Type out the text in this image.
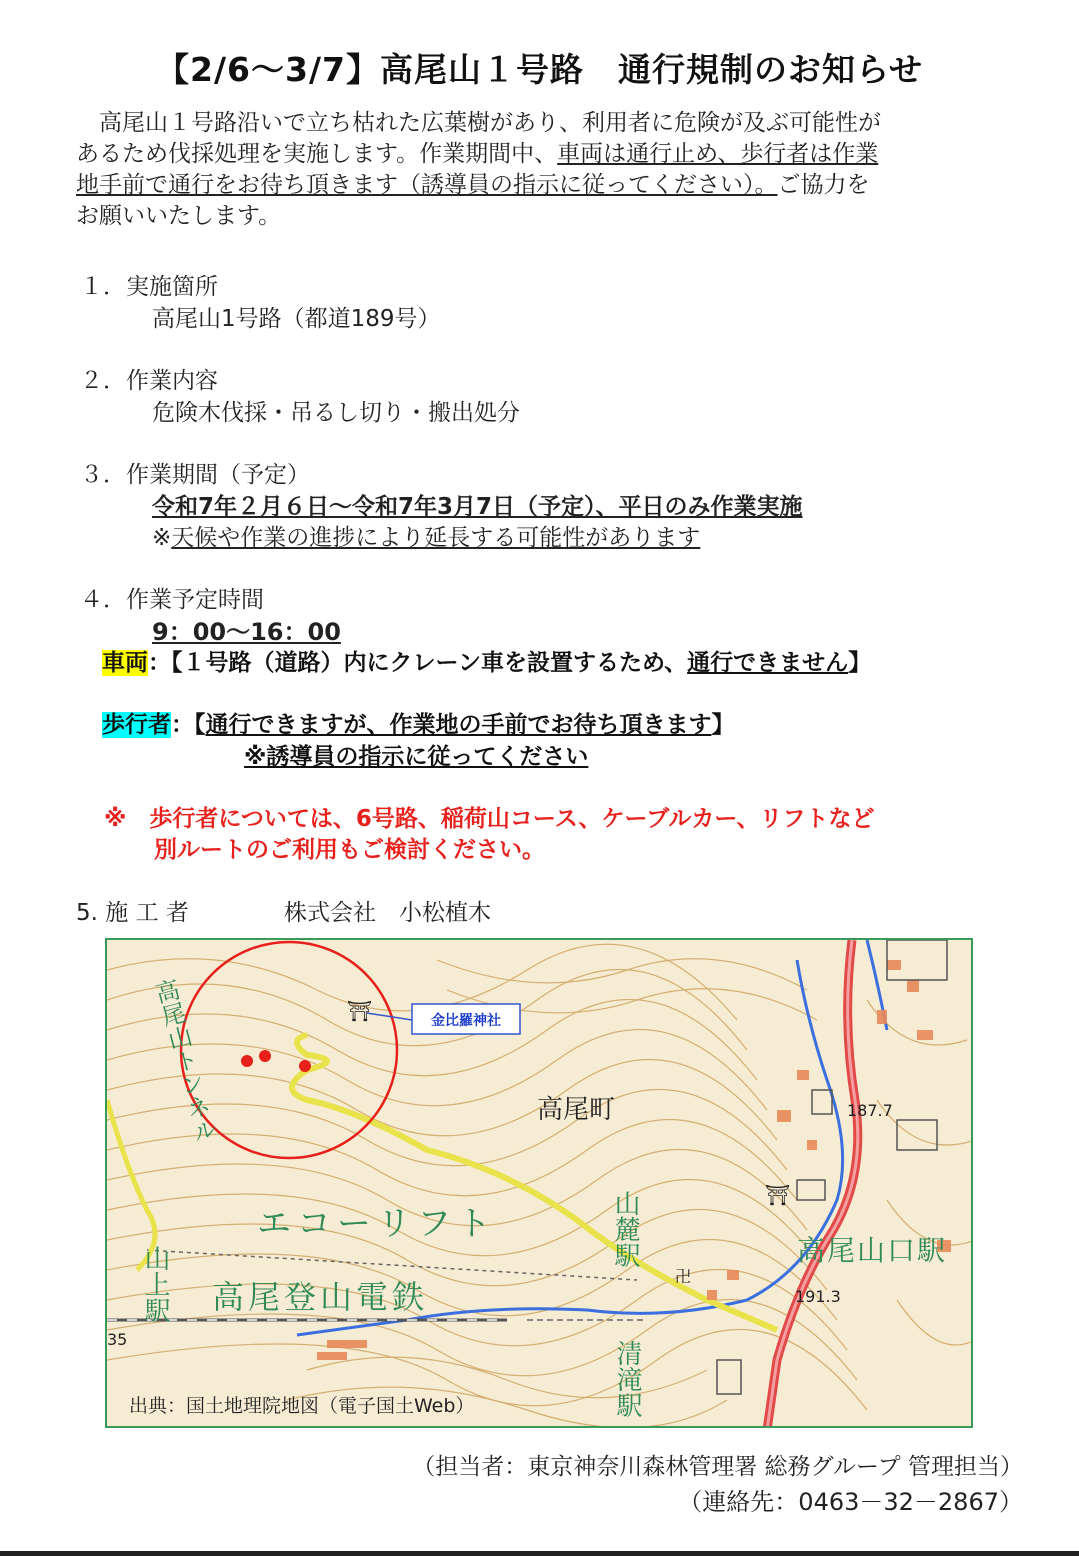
【2/6～3/7】高尾山１号路　通行規制のお知らせ
　高尾山１号路沿いで立ち枯れた広葉樹があり、利用者に危険が及ぶ可能性が
あるため伐採処理を実施します。作業期間中、車両は通行止め、歩行者は作業
地手前で通行をお待ち頂きます（誘導員の指示に従ってください）。ご協力を
お願いいたします。
１．実施箇所
高尾山1号路（都道189号）
２．作業内容
危険木伐採・吊るし切り・搬出処分
３．作業期間（予定）
令和7年２月６日～令和7年3月7日（予定）、平日のみ作業実施
※天候や作業の進捗により延長する可能性があります
４．作業予定時間
9：00～16：00
車両：【１号路（道路）内にクレーン車を設置するため、通行できません】
歩行者：【通行できますが、作業地の手前でお待ち頂きます】
※誘導員の指示に従ってください
※　 歩行者については、6号路、稲荷山コース、ケーブルカー、リフトなど
別ルートのご利用もご検討ください。
5. 施 工 者	株式会社　小松植木
⛩
⛩
卍
金比羅神社
高尾町
エコーリフト
高尾登山電鉄
高尾山口駅
187.7
191.3
35
高尾山トンネル
山麓駅
清滝駅
山上駅
出典：国土地理院地図（電子国土Web）
（担当者：東京神奈川森林管理署 総務グループ 管理担当）
（連絡先：0463－32－2867）
